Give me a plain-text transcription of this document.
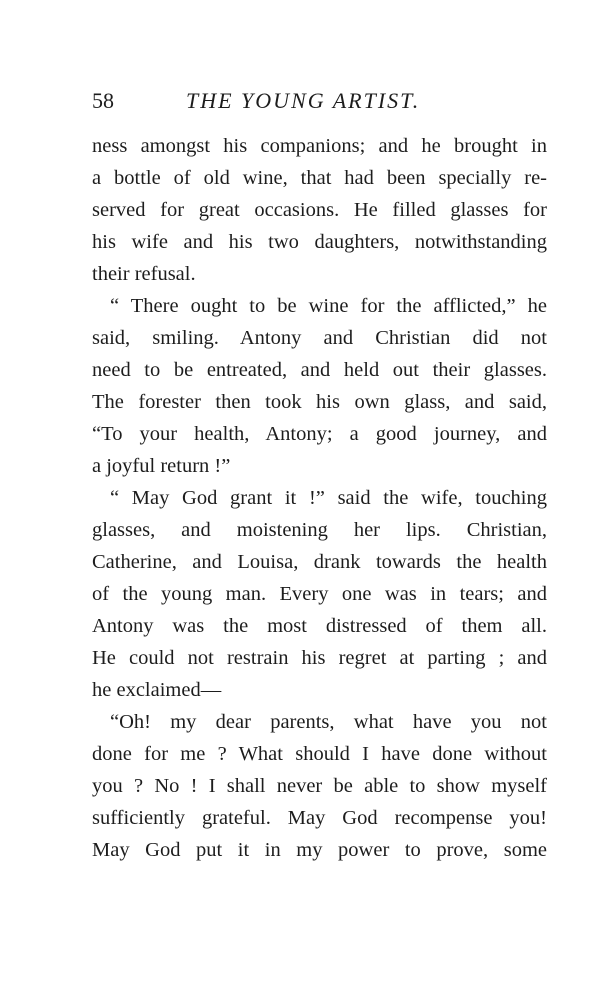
58	THE YOUNG ARTIST.
ness amongst his companions; and he brought in
a bottle of old wine, that had been specially re-
served for great occasions. He filled glasses for
his wife and his two daughters, notwithstanding
their refusal.
“ There ought to be wine for the afflicted,” he
said, smiling. Antony and Christian did not
need to be entreated, and held out their glasses.
The forester then took his own glass, and said,
“To your health, Antony; a good journey, and
a joyful return !”
“ May God grant it !” said the wife, touching
glasses, and moistening her lips. Christian,
Catherine, and Louisa, drank towards the health
of the young man. Every one was in tears; and
Antony was the most distressed of them all.
He could not restrain his regret at parting ; and
he exclaimed—
“Oh! my dear parents, what have you not
done for me ? What should I have done without
you ? No ! I shall never be able to show myself
sufficiently grateful. May God recompense you!
May God put it in my power to prove, some
